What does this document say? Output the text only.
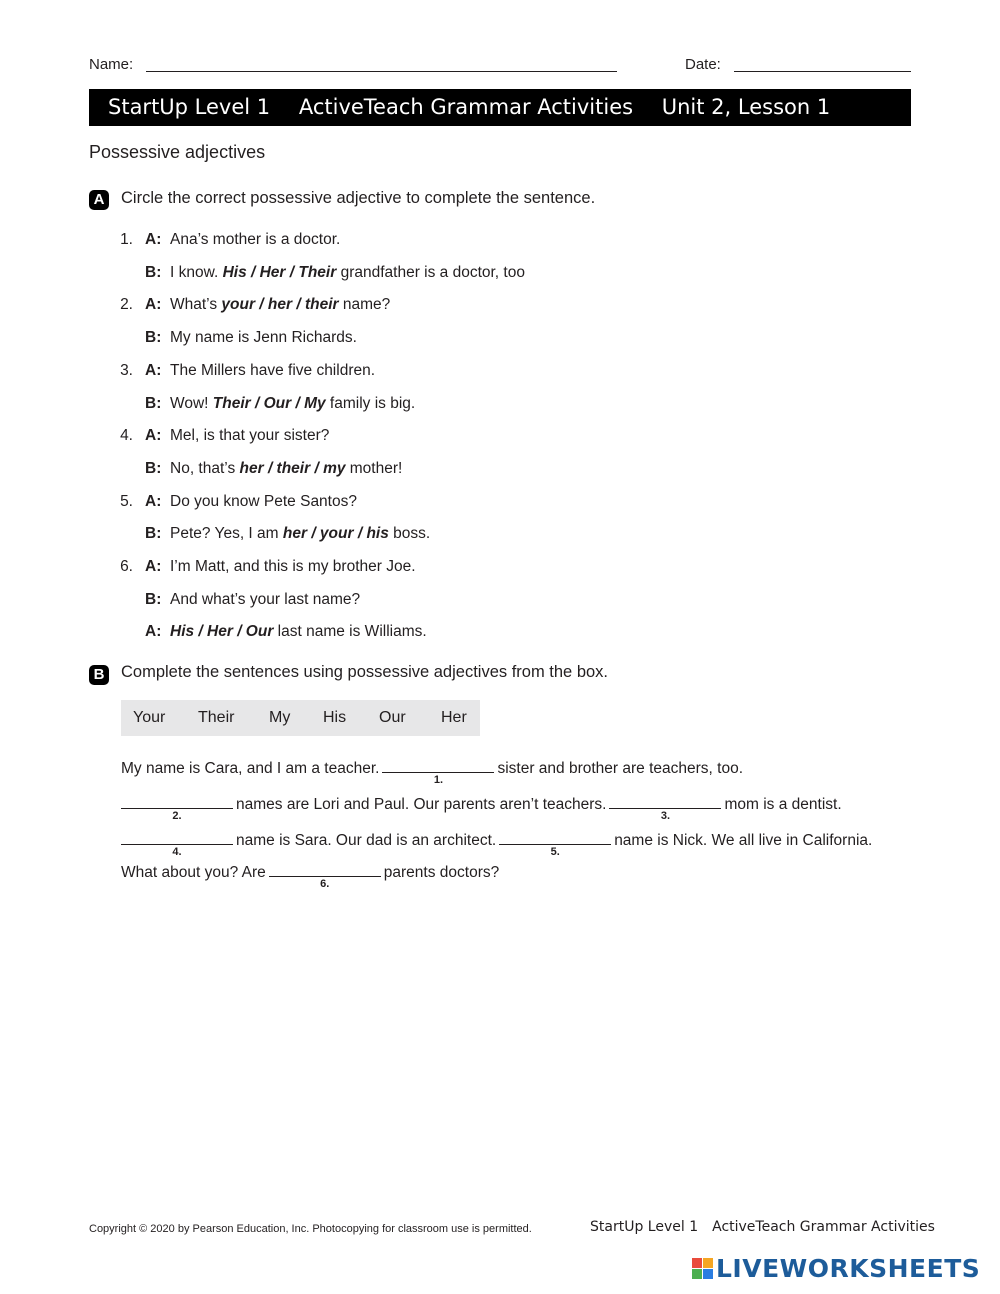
Name:	Date:
StartUp Level 1 ActiveTeach Grammar Activities Unit 2, Lesson 1
Possessive adjectives
A Circle the correct possessive adjective to complete the sentence.
1. A: Ana’s mother is a doctor.
B: I know. His / Her / Their grandfather is a doctor, too
2. A: What’s your / her / their name?
B: My name is Jenn Richards.
3. A: The Millers have five children.
B: Wow! Their / Our / My family is big.
4. A: Mel, is that your sister?
B: No, that’s her / their / my mother!
5. A: Do you know Pete Santos?
B: Pete? Yes, I am her / your / his boss.
6. A: I’m Matt, and this is my brother Joe.
B: And what’s your last name?
A: His / Her / Our last name is Williams.
B Complete the sentences using possessive adjectives from the box.
Your Their My His Our Her
My name is Cara, and I am a teacher.
1.
sister and brother are teachers, too.
2.
names are Lori and Paul. Our parents aren’t teachers.
3.
mom is a dentist.
4.
name is Sara. Our dad is an architect.
5.
name is Nick. We all live in California.
What about you? Are
6.
parents doctors?
Copyright © 2020 by Pearson Education, Inc. Photocopying for classroom use is permitted.	StartUp Level 1 ActiveTeach Grammar Activities
LIVEWORKSHEETS
